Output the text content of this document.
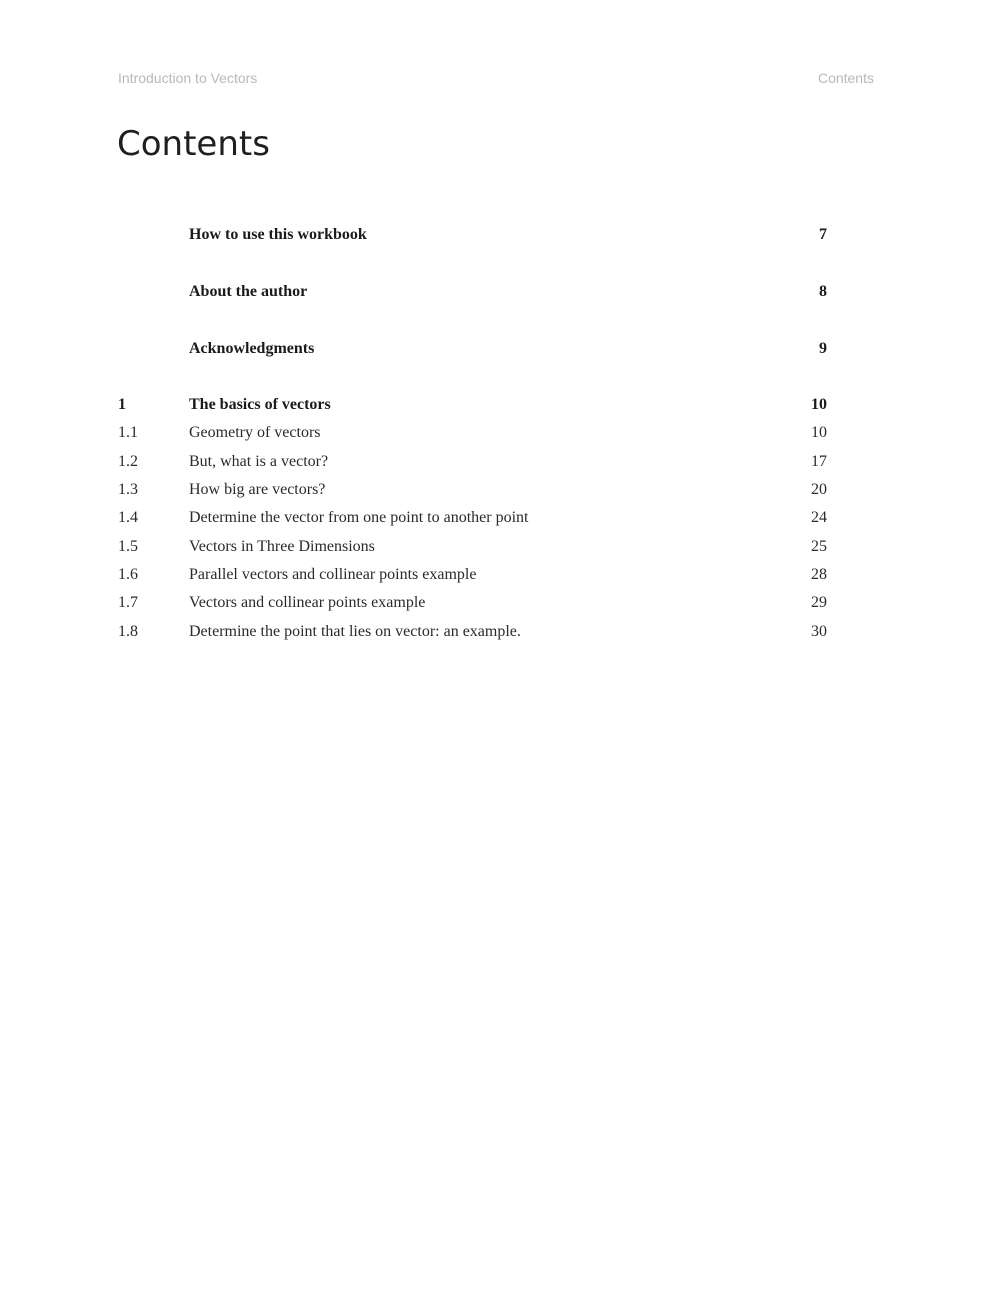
Introduction to Vectors	Contents
Contents
How to use this workbook	7
About the author	8
Acknowledgments	9
1	The basics of vectors	10
1.1	Geometry of vectors	10
1.2	But, what is a vector?	17
1.3	How big are vectors?	20
1.4	Determine the vector from one point to another point	24
1.5	Vectors in Three Dimensions	25
1.6	Parallel vectors and collinear points example	28
1.7	Vectors and collinear points example	29
1.8	Determine the point that lies on vector: an example.	30
